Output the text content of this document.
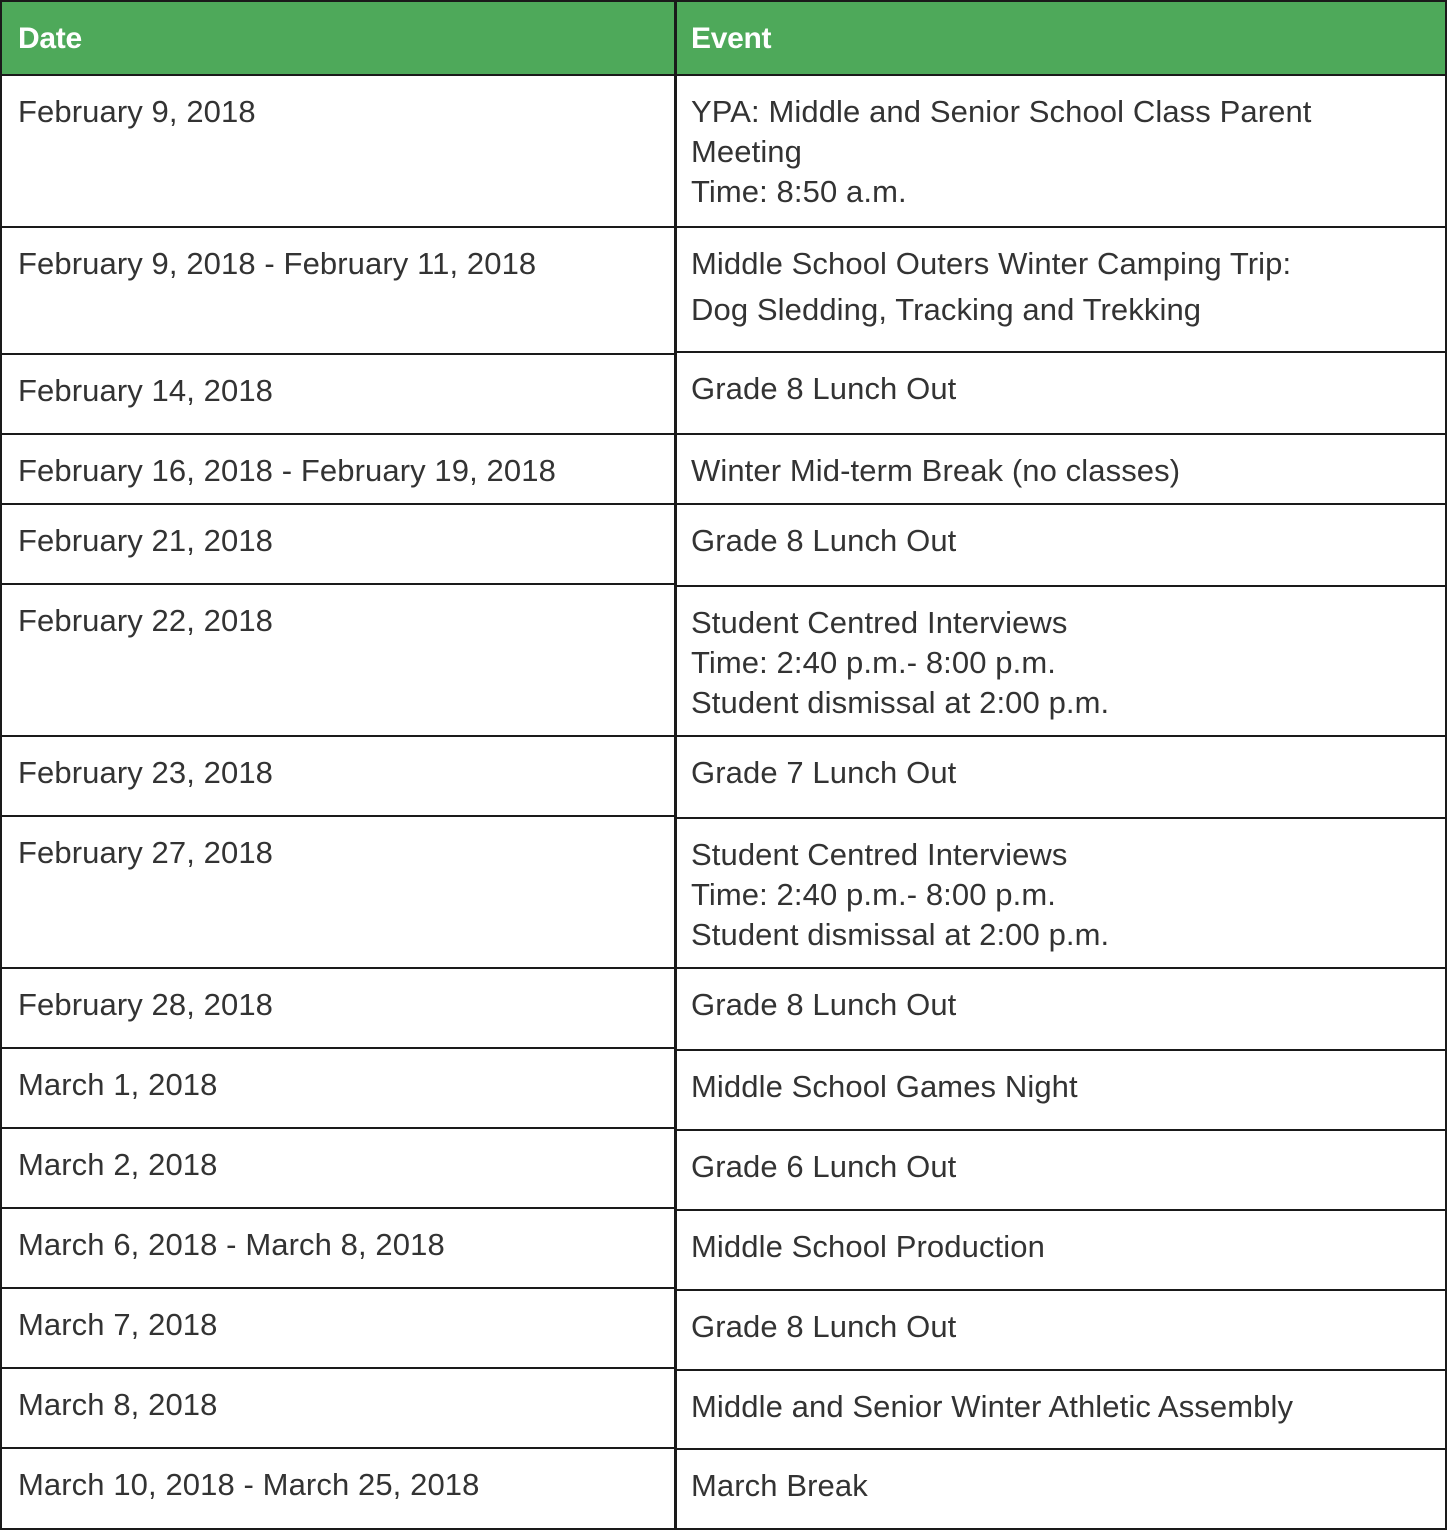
Date
February 9, 2018
February 9, 2018 - February 11, 2018
February 14, 2018
February 16, 2018 - February 19, 2018
February 21, 2018
February 22, 2018
February 23, 2018
February 27, 2018
February 28, 2018
March 1, 2018
March 2, 2018
March 6, 2018 - March 8, 2018
March 7, 2018
March 8, 2018
March 10, 2018 - March 25, 2018
Event
YPA: Middle and Senior School Class Parent
Meeting
Time: 8:50 a.m.
Middle School Outers Winter Camping Trip:
Dog Sledding, Tracking and Trekking
Grade 8 Lunch Out
Winter Mid-term Break (no classes)
Grade 8 Lunch Out
Student Centred Interviews
Time: 2:40 p.m.- 8:00 p.m.
Student dismissal at 2:00 p.m.
Grade 7 Lunch Out
Student Centred Interviews
Time: 2:40 p.m.- 8:00 p.m.
Student dismissal at 2:00 p.m.
Grade 8 Lunch Out
Middle School Games Night
Grade 6 Lunch Out
Middle School Production
Grade 8 Lunch Out
Middle and Senior Winter Athletic Assembly
March Break
